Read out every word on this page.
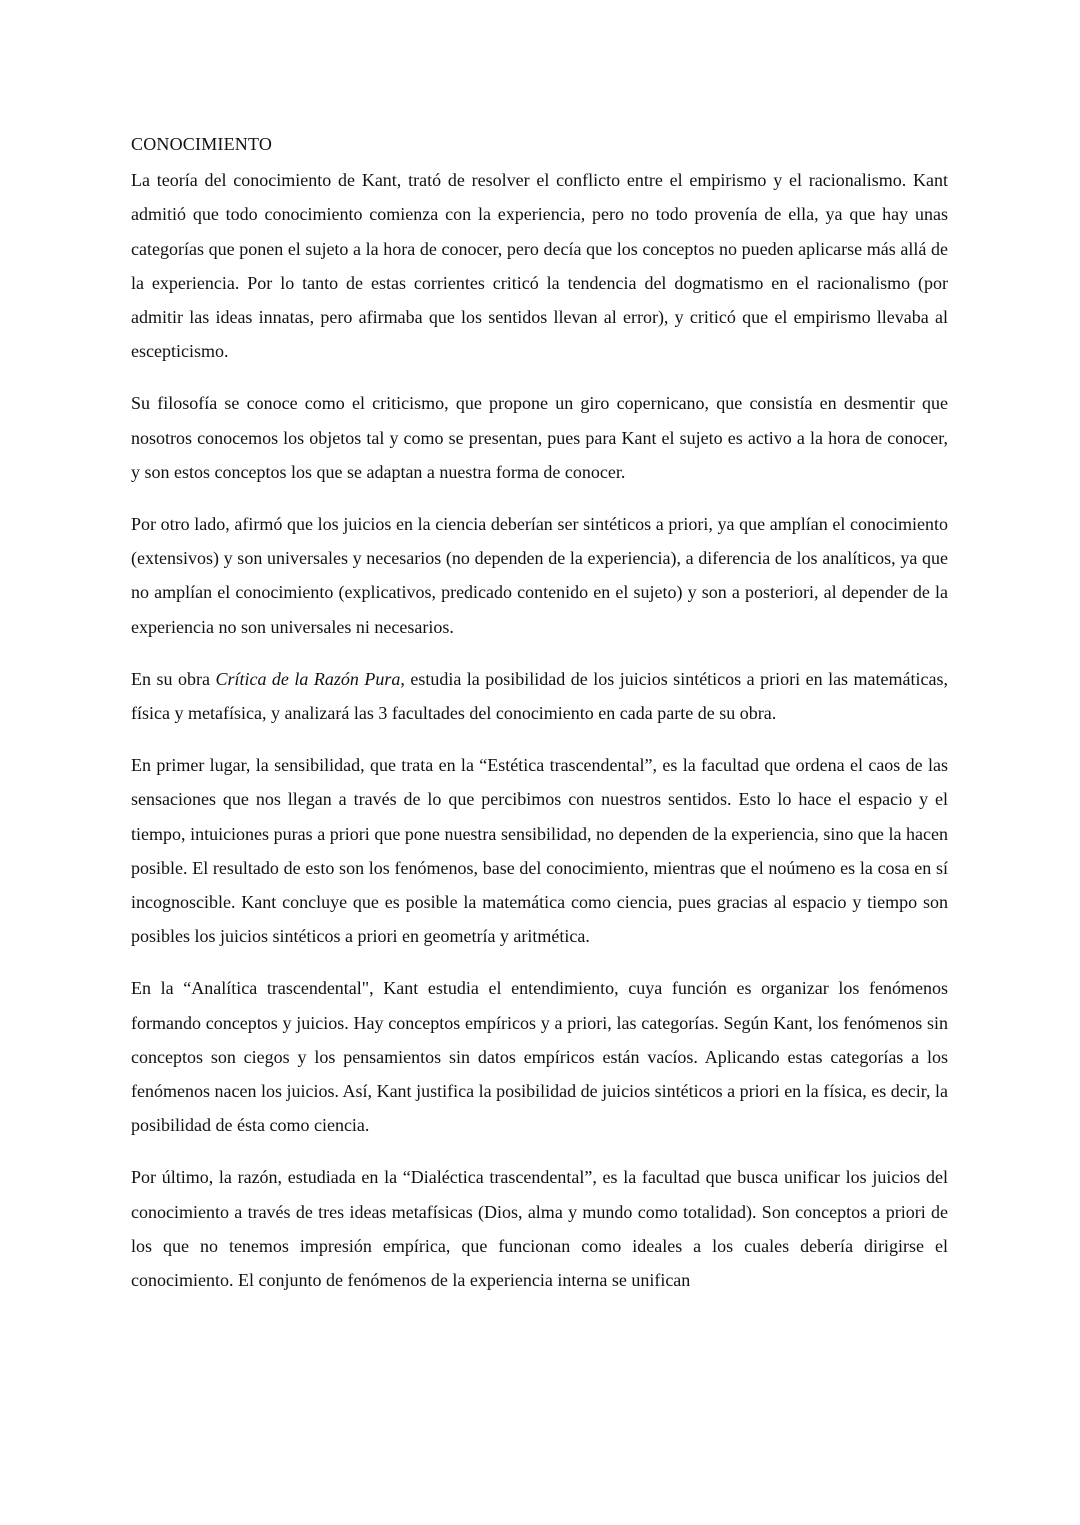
CONOCIMIENTO

La teoría del conocimiento de Kant, trató de resolver el conflicto entre el empirismo y el racionalismo. Kant admitió que todo conocimiento comienza con la experiencia, pero no todo provenía de ella, ya que hay unas categorías que ponen el sujeto a la hora de conocer, pero decía que los conceptos no pueden aplicarse más allá de la experiencia. Por lo tanto de estas corrientes criticó la tendencia del dogmatismo en el racionalismo (por admitir las ideas innatas, pero afirmaba que los sentidos llevan al error), y criticó que el empirismo llevaba al escepticismo.

Su filosofía se conoce como el criticismo, que propone un giro copernicano, que consistía en desmentir que nosotros conocemos los objetos tal y como se presentan, pues para Kant el sujeto es activo a la hora de conocer, y son estos conceptos los que se adaptan a nuestra forma de conocer.

Por otro lado, afirmó que los juicios en la ciencia deberían ser sintéticos a priori, ya que amplían el conocimiento (extensivos) y son universales y necesarios (no dependen de la experiencia), a diferencia de los analíticos, ya que no amplían el conocimiento (explicativos, predicado contenido en el sujeto) y son a posteriori, al depender de la experiencia no son universales ni necesarios.

En su obra Crítica de la Razón Pura, estudia la posibilidad de los juicios sintéticos a priori en las matemáticas, física y metafísica, y analizará las 3 facultades del conocimiento en cada parte de su obra.

En primer lugar, la sensibilidad, que trata en la “Estética trascendental”, es la facultad que ordena el caos de las sensaciones que nos llegan a través de lo que percibimos con nuestros sentidos. Esto lo hace el espacio y el tiempo, intuiciones puras a priori que pone nuestra sensibilidad, no dependen de la experiencia, sino que la hacen posible. El resultado de esto son los fenómenos, base del conocimiento, mientras que el noúmeno es la cosa en sí incognoscible. Kant concluye que es posible la matemática como ciencia, pues gracias al espacio y tiempo son posibles los juicios sintéticos a priori en geometría y aritmética.

En la “Analítica trascendental", Kant estudia el entendimiento, cuya función es organizar los fenómenos formando conceptos y juicios. Hay conceptos empíricos y a priori, las categorías. Según Kant, los fenómenos sin conceptos son ciegos y los pensamientos sin datos empíricos están vacíos. Aplicando estas categorías a los fenómenos nacen los juicios. Así, Kant justifica la posibilidad de juicios sintéticos a priori en la física, es decir, la posibilidad de ésta como ciencia.

Por último, la razón, estudiada en la “Dialéctica trascendental”, es la facultad que busca unificar los juicios del conocimiento a través de tres ideas metafísicas (Dios, alma y mundo como totalidad). Son conceptos a priori de los que no tenemos impresión empírica, que funcionan como ideales a los cuales debería dirigirse el conocimiento. El conjunto de fenómenos de la experiencia interna se unifican
